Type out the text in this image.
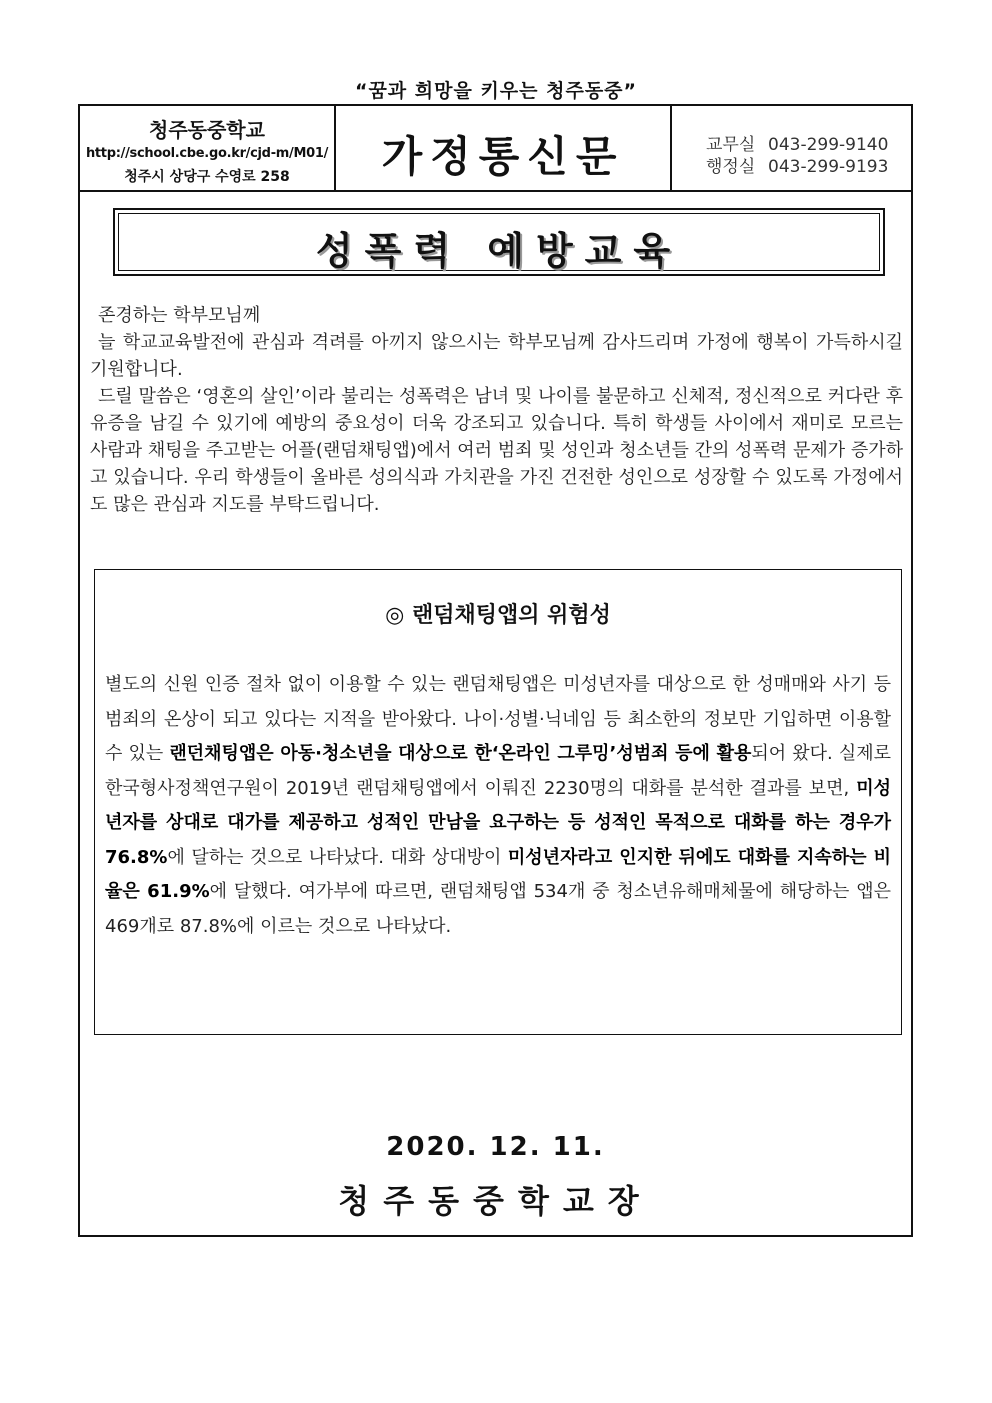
“꿈과 희망을 키우는 청주동중”
청주동중학교
http://school.cbe.go.kr/cjd-m/M01/
청주시 상당구 수영로 258	가정통신문	교무실 043-299-9140
행정실 043-299-9193
성폭력 예방교육

존경하는 학부모님께

늘 학교교육발전에 관심과 격려를 아끼지 않으시는 학부모님께 감사드리며 가정에 행복이 가득하시길 기원합니다.

드릴 말씀은 ‘영혼의 살인’이라 불리는 성폭력은 남녀 및 나이를 불문하고 신체적, 정신적으로 커다란 후유증을 남길 수 있기에 예방의 중요성이 더욱 강조되고 있습니다. 특히 학생들 사이에서 재미로 모르는 사람과 채팅을 주고받는 어플(랜덤채팅앱)에서 여러 범죄 및 성인과 청소년들 간의 성폭력 문제가 증가하고 있습니다. 우리 학생들이 올바른 성의식과 가치관을 가진 건전한 성인으로 성장할 수 있도록 가정에서도 많은 관심과 지도를 부탁드립니다.

◎ 랜덤채팅앱의 위험성
별도의 신원 인증 절차 없이 이용할 수 있는 랜덤채팅앱은 미성년자를 대상으로 한 성매매와 사기 등 범죄의 온상이 되고 있다는 지적을 받아왔다. 나이·성별·닉네임 등 최소한의 정보만 기입하면 이용할 수 있는 랜던채팅앱은 아동·청소년을 대상으로 한‘온라인 그루밍’성범죄 등에 활용되어 왔다. 실제로 한국형사정책연구원이 2019년 랜덤채팅앱에서 이뤄진 2230명의 대화를 분석한 결과를 보면, 미성년자를 상대로 대가를 제공하고 성적인 만남을 요구하는 등 성적인 목적으로 대화를 하는 경우가 76.8%에 달하는 것으로 나타났다. 대화 상대방이 미성년자라고 인지한 뒤에도 대화를 지속하는 비율은 61.9%에 달했다. 여가부에 따르면, 랜덤채팅앱 534개 중 청소년유해매체물에 해당하는 앱은 469개로 87.8%에 이르는 것으로 나타났다.
2020. 12. 11.
청주동중학교장
